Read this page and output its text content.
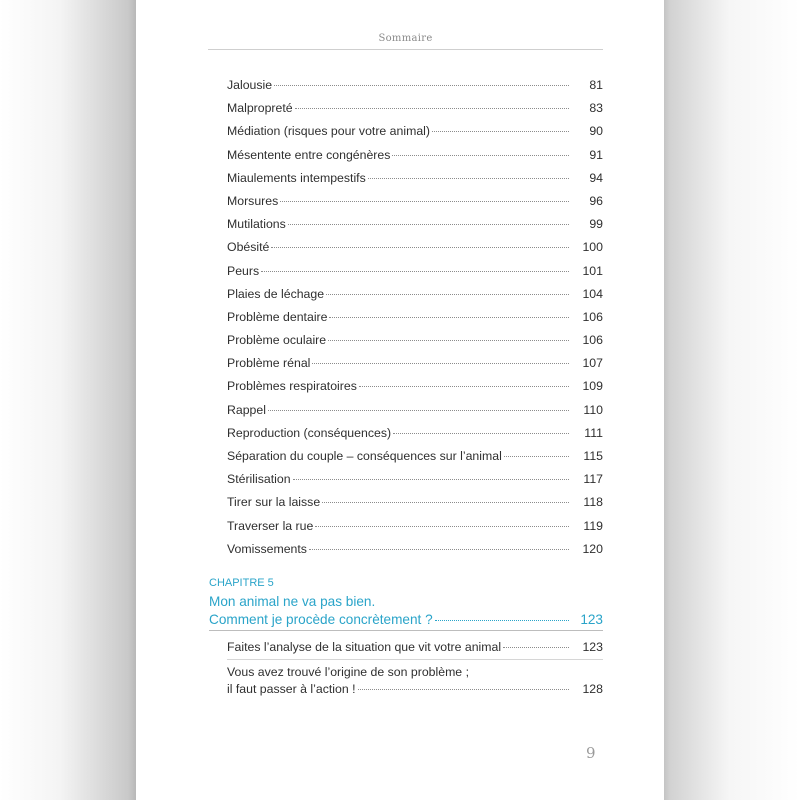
Sommaire
Jalousie	81
Malpropreté	83
Médiation (risques pour votre animal)	90
Mésentente entre congénères	91
Miaulements intempestifs	94
Morsures	96
Mutilations	99
Obésité	100
Peurs	101
Plaies de léchage	104
Problème dentaire	106
Problème oculaire	106
Problème rénal	107
Problèmes respiratoires	109
Rappel	110
Reproduction (conséquences)	111
Séparation du couple – conséquences sur l’animal	115
Stérilisation	117
Tirer sur la laisse	118
Traverser la rue	119
Vomissements	120
CHAPITRE 5
Mon animal ne va pas bien.
Comment je procède concrètement ?	123
Faites l’analyse de la situation que vit votre animal	123
Vous avez trouvé l’origine de son problème ;
il faut passer à l’action !	128
9
